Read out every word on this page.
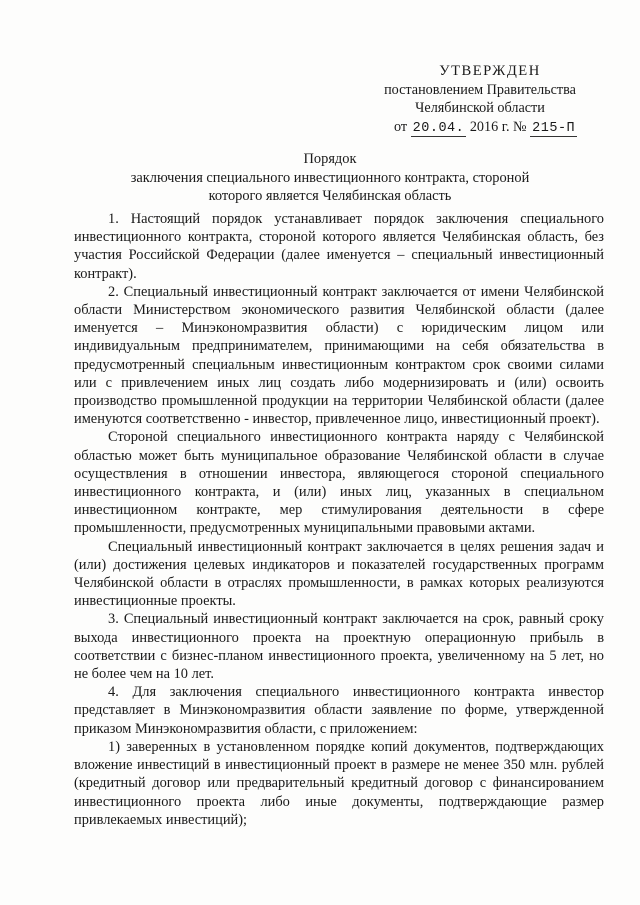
УТВЕРЖДЕН
постановлением Правительства
Челябинской области
от 20.04. 2016 г. № 215-П
Порядок
заключения специального инвестиционного контракта, стороной
которого является Челябинская область

1. Настоящий порядок устанавливает порядок заключения специального инвестиционного контракта, стороной которого является Челябинская область, без участия Российской Федерации (далее именуется – специальный инвестиционный контракт).

2. Специальный инвестиционный контракт заключается от имени Челябинской области Министерством экономического развития Челябинской области (далее именуется – Минэкономразвития области) с юридическим лицом или индивидуальным предпринимателем, принимающими на себя обязательства в предусмотренный специальным инвестиционным контрактом срок своими силами или с привлечением иных лиц создать либо модернизировать и (или) освоить производство промышленной продукции на территории Челябинской области (далее именуются соответственно - инвестор, привлеченное лицо, инвестиционный проект).

Стороной специального инвестиционного контракта наряду с Челябинской областью может быть муниципальное образование Челябинской области в случае осуществления в отношении инвестора, являющегося стороной специального инвестиционного контракта, и (или) иных лиц, указанных в специальном инвестиционном контракте, мер стимулирования деятельности в сфере промышленности, предусмотренных муниципальными правовыми актами.

Специальный инвестиционный контракт заключается в целях решения задач и (или) достижения целевых индикаторов и показателей государственных программ Челябинской области в отраслях промышленности, в рамках которых реализуются инвестиционные проекты.

3. Специальный инвестиционный контракт заключается на срок, равный сроку выхода инвестиционного проекта на проектную операционную прибыль в соответствии с бизнес-планом инвестиционного проекта, увеличенному на 5 лет, но не более чем на 10 лет.

4. Для заключения специального инвестиционного контракта инвестор представляет в Минэкономразвития области заявление по форме, утвержденной приказом Минэкономразвития области, с приложением:

1) заверенных в установленном порядке копий документов, подтверждающих вложение инвестиций в инвестиционный проект в размере не менее 350 млн. рублей (кредитный договор или предварительный кредитный договор с финансированием инвестиционного проекта либо иные документы, подтверждающие размер привлекаемых инвестиций);
